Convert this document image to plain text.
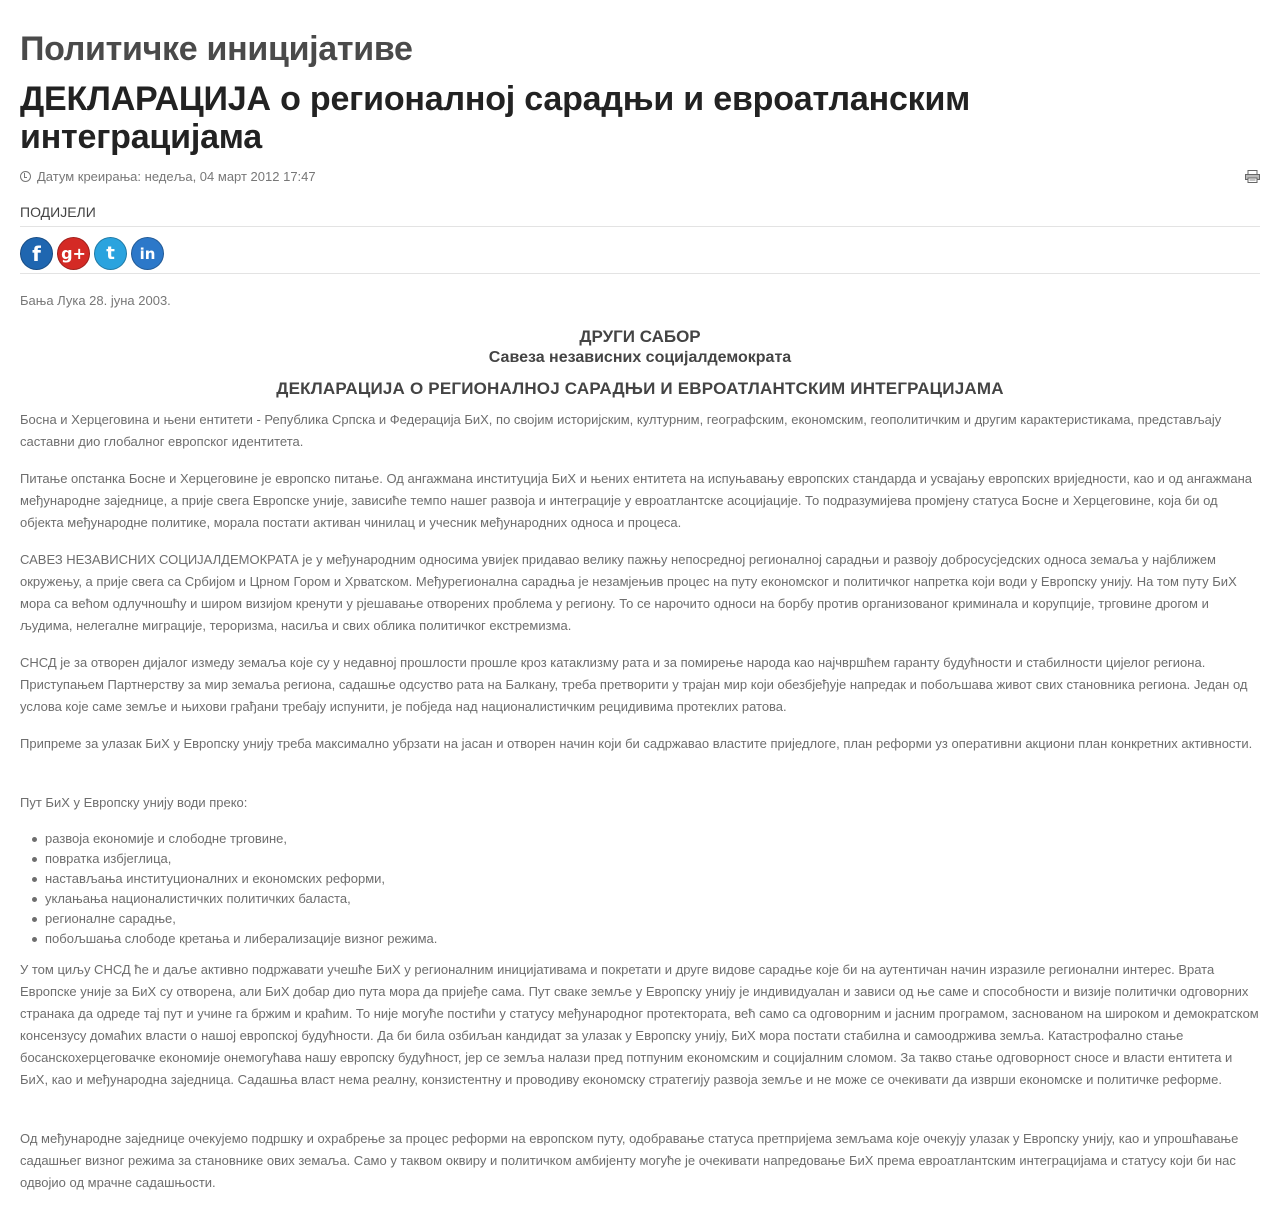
Политичке иницијативе
ДЕКЛАРАЦИЈА о регионалној сарадњи и евроатланским интеграцијама
Датум креирања: недеља, 04 март 2012 17:47
ПОДИЈЕЛИ
f g+ t in
Бања Лука 28. јуна 2003.
ДРУГИ САБОР
Савеза независних социјалдемократа
ДЕКЛАРАЦИЈА О РЕГИОНАЛНОЈ САРАДЊИ И ЕВРОАТЛАНТСКИМ ИНТЕГРАЦИЈАМА

Босна и Херцеговина и њени ентитети - Република Српска и Федерација БиХ, по својим историјским, културним, географским, економским, геополитичким и другим карактеристикама, представљају саставни дио глобалног европског идентитета.

Питање опстанка Босне и Херцеговине је европско питање. Од ангажмана институција БиХ и њених ентитета на испуњавању европских стандарда и усвајању европских вриједности, као и од ангажмана међународне заједнице, а прије свега Европске уније, зависиће темпо нашег развоја и интеграције у евроатлантске асоцијације. То подразумијева промјену статуса Босне и Херцеговине, која би од објекта међународне политике, морала постати активан чинилац и учесник међународних односа и процеса.

САВЕЗ НЕЗАВИСНИХ СОЦИЈАЛДЕМОКРАТА је у међународним односима увијек придавао велику пажњу непосредној регионалној сарадњи и развоју добросусједских односа земаља у најближем окружењу, а прије свега са Србијом и Црном Гором и Хрватском. Међурегионална сарадња је незамјењив процес на путу економског и политичког напретка који води у Европску унију. На том путу БиХ мора са већом одлучношћу и широм визијом кренути у рјешавање отворених проблема у региону. То се нарочито односи на борбу против организованог криминала и корупције, трговине дрогом и људима, нелегалне миграције, тероризма, насиља и свих облика политичког екстремизма.

СНСД је за отворен дијалог измеду земаља које су у недавној прошлости прошле кроз катаклизму рата и за помирење народа као најчвршћем гаранту будућности и стабилности цијелог региона. Приступањем Партнерству за мир земаља региона, садашње одсуство рата на Балкану, треба претворити у трајан мир који обезбјеђује напредак и побољшава живот свих становника региона. Један од услова које саме земље и њихови грађани требају испунити, је побједа над националистичким рецидивима протеклих ратова.

Припреме за улазак БиХ у Европску унију треба максимално убрзати на јасан и отворен начин који би садржавао властите приједлоге, план реформи уз оперативни акциони план конкретних активности.

Пут БиХ у Европску унију води преко:

развоја економије и слободне трговине,
повратка избјеглица,
настављања институционалних и економских реформи,
уклањања националистичких политичких баласта,
регионалне сарадње,
побољшања слободе кретања и либерализације визног режима.

У том циљу СНСД ће и даље активно подржавати учешће БиХ у регионалним иницијативама и покретати и друге видове сарадње које би на аутентичан начин изразиле регионални интерес. Врата Европске уније за БиХ су отворена, али БиХ добар дио пута мора да пријеђе сама. Пут сваке земље у Европску унију је индивидуалан и зависи од ње саме и способности и визије политички одговорних странака да одреде тај пут и учине га бржим и краћим. То није могуће постићи у статусу међународног протектората, већ само са одговорним и јасним програмом, заснованом на широком и демократском консензусу домаћих власти о нашој европској будућности. Да би била озбиљан кандидат за улазак у Европску унију, БиХ мора постати стабилна и самоодржива земља. Катастрофално стање босанскохерцеговачке економије онемогућава нашу европску будућност, јер се земља налази пред потпуним економским и социјалним сломом. За такво стање одговорност сносе и власти ентитета и БиХ, као и међународна заједница. Садашња власт нема реалну, конзистентну и проводиву економску стратегију развоја земље и не може се очекивати да изврши економске и политичке реформе.

Од међународне заједнице очекујемо подршку и охрабрење за процес реформи на европском путу, одобравање статуса претпријема земљама које очекују улазак у Европску унију, као и упрошћавање садашњег визног режима за становнике ових земаља. Само у таквом оквиру и политичком амбијенту могуће је очекивати напредовање БиХ према евроатлантским интеграцијама и статусу који би нас одвојио од мрачне садашњости.
